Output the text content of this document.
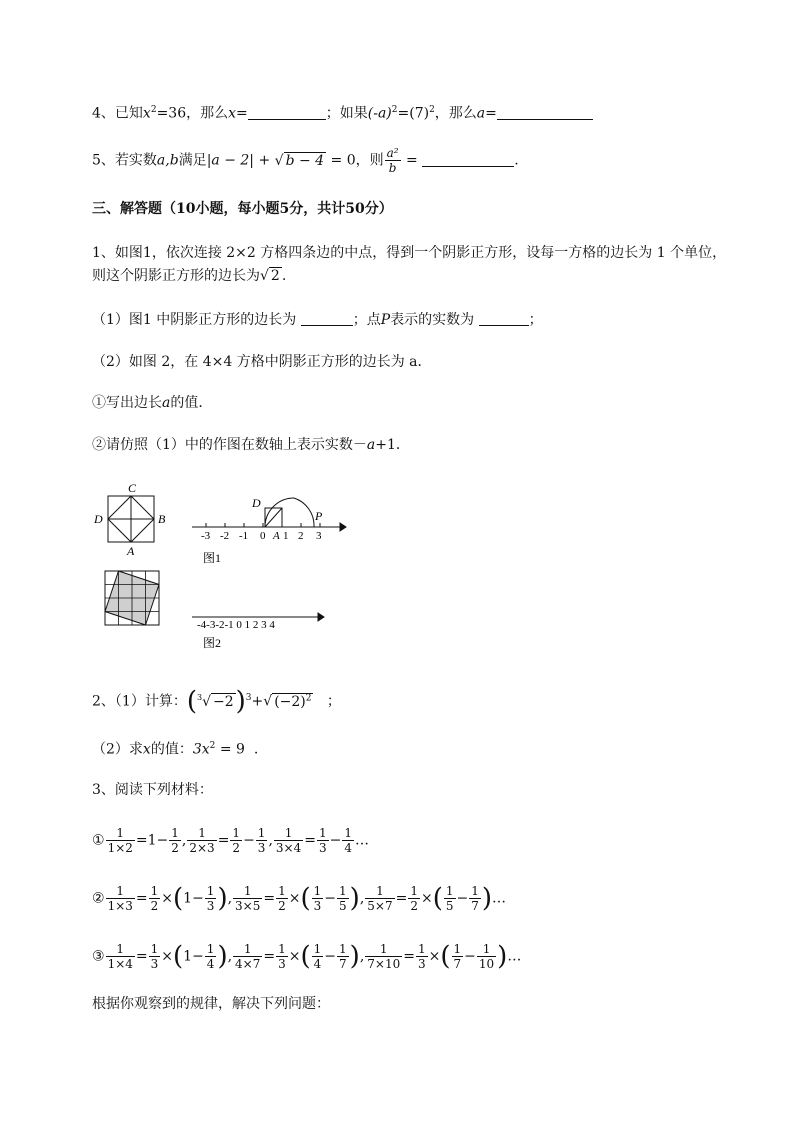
4、已知$x^2=36$，那么x=	；如果$(-a)^2=(7)^2$，那么a=
5、若实数a,b满足|a − 2| + √ b − 4 = 0，则 $\frac{\text{a²}}{b}$ =	.
三、解答题（10小题，每小题5分，共计50分）
1、如图1，依次连接 2×2 方格四条边的中点，得到一个阴影正方形，设每一方格的边长为 1 个单位，
则这个阴影正方形的边长为√ 2 .
（1）图1 中阴影正方形的边长为	；点P表示的实数为	；
（2）如图 2，在 4×4 方格中阴影正方形的边长为 a．
①写出边长a的值．
②请仿照（1）中的作图在数轴上表示实数－a+1．
C
D	B
A
D
P
A
-3 -2 -1 0 1 2 3
图1
-4-3-2-1 0 1 2 3 4
图2
2、（1）计算：$(^3√ -2)^3+√$ $(-2)^2$ ；
（2）求x的值：$3x^2 = 9$ .
3、阅读下列材料：
① $\frac{1}{1\times 2} =1- \frac{1}{2}$ , $\frac{1}{2\times 3} = \frac{1}{2} - \frac{1}{3}$ , $\frac{1}{3\times 4} = \frac{1}{3} - \frac{1}{4}$ …
② $\frac{1}{1\times 3} = \frac{1}{2} \times(1- \frac{1}{3}$ ), $\frac{1}{3\times 5} = \frac{1}{2}$ ×( $\frac{1}{3} - \frac{1}{5}$ ), $\frac{1}{5\times 7} = \frac{1}{2}$ ×( $\frac{1}{5} - \frac{1}{7}$ )…
③ $\frac{1}{1\times 4} = \frac{1}{3} \times(1- \frac{1}{4}$ ), $\frac{1}{4\times 7} = \frac{1}{3}$ ×( $\frac{1}{4} - \frac{1}{7}$ ), $\frac{1}{7\times 10} = \frac{1}{3}$ ×( $\frac{1}{7} - \frac{1}{10}$ )…
根据你观察到的规律，解决下列问题：
